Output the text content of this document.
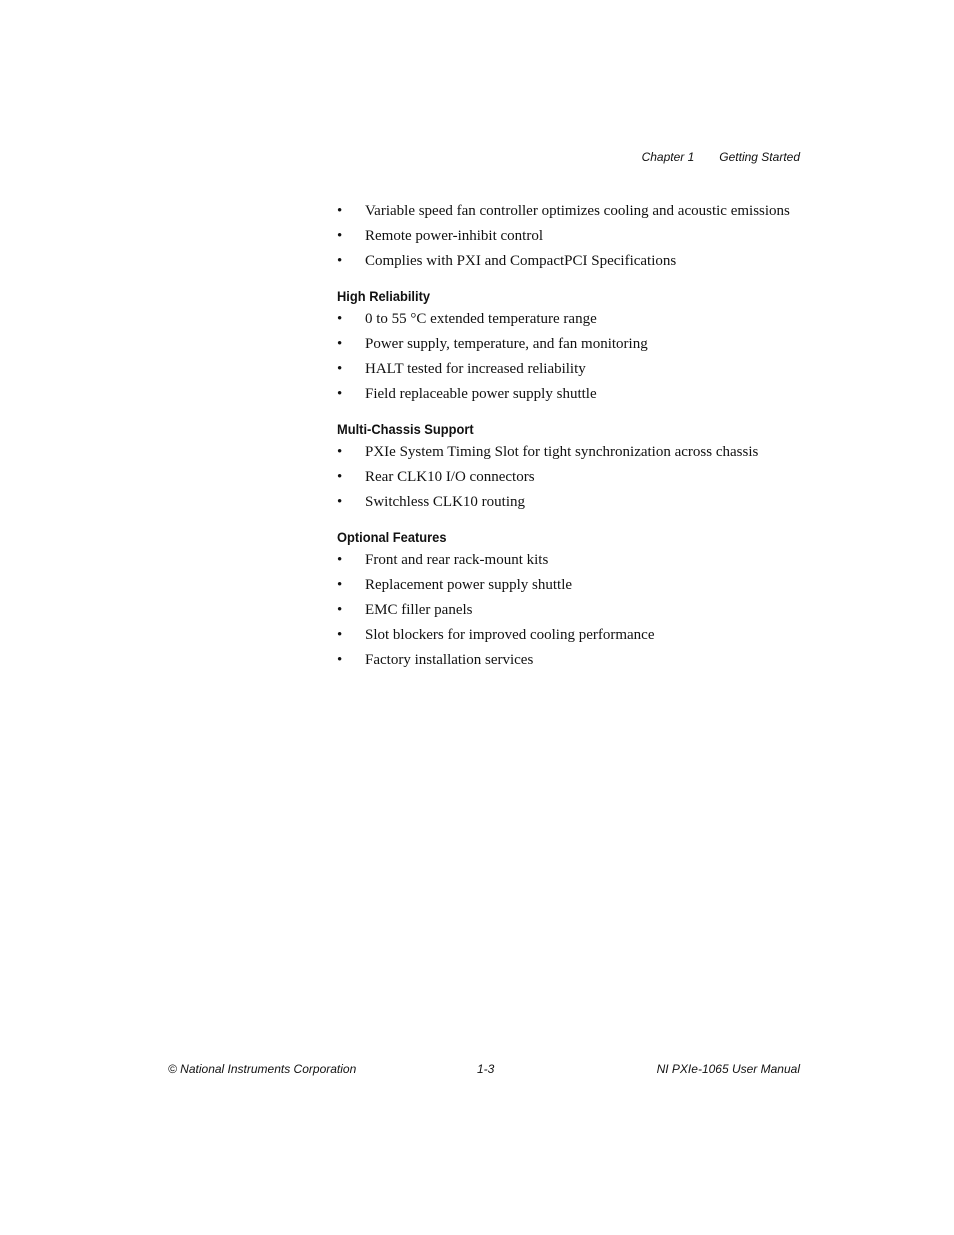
Chapter 1 Getting Started
•	Variable speed fan controller optimizes cooling and acoustic emissions
•	Remote power-inhibit control
•	Complies with PXI and CompactPCI Specifications
High Reliability
•	0 to 55 °C extended temperature range
•	Power supply, temperature, and fan monitoring
•	HALT tested for increased reliability
•	Field replaceable power supply shuttle
Multi-Chassis Support
•	PXIe System Timing Slot for tight synchronization across chassis
•	Rear CLK10 I/O connectors
•	Switchless CLK10 routing
Optional Features
•	Front and rear rack-mount kits
•	Replacement power supply shuttle
•	EMC filler panels
•	Slot blockers for improved cooling performance
•	Factory installation services
© National Instruments Corporation	1-3	NI PXIe-1065 User Manual
